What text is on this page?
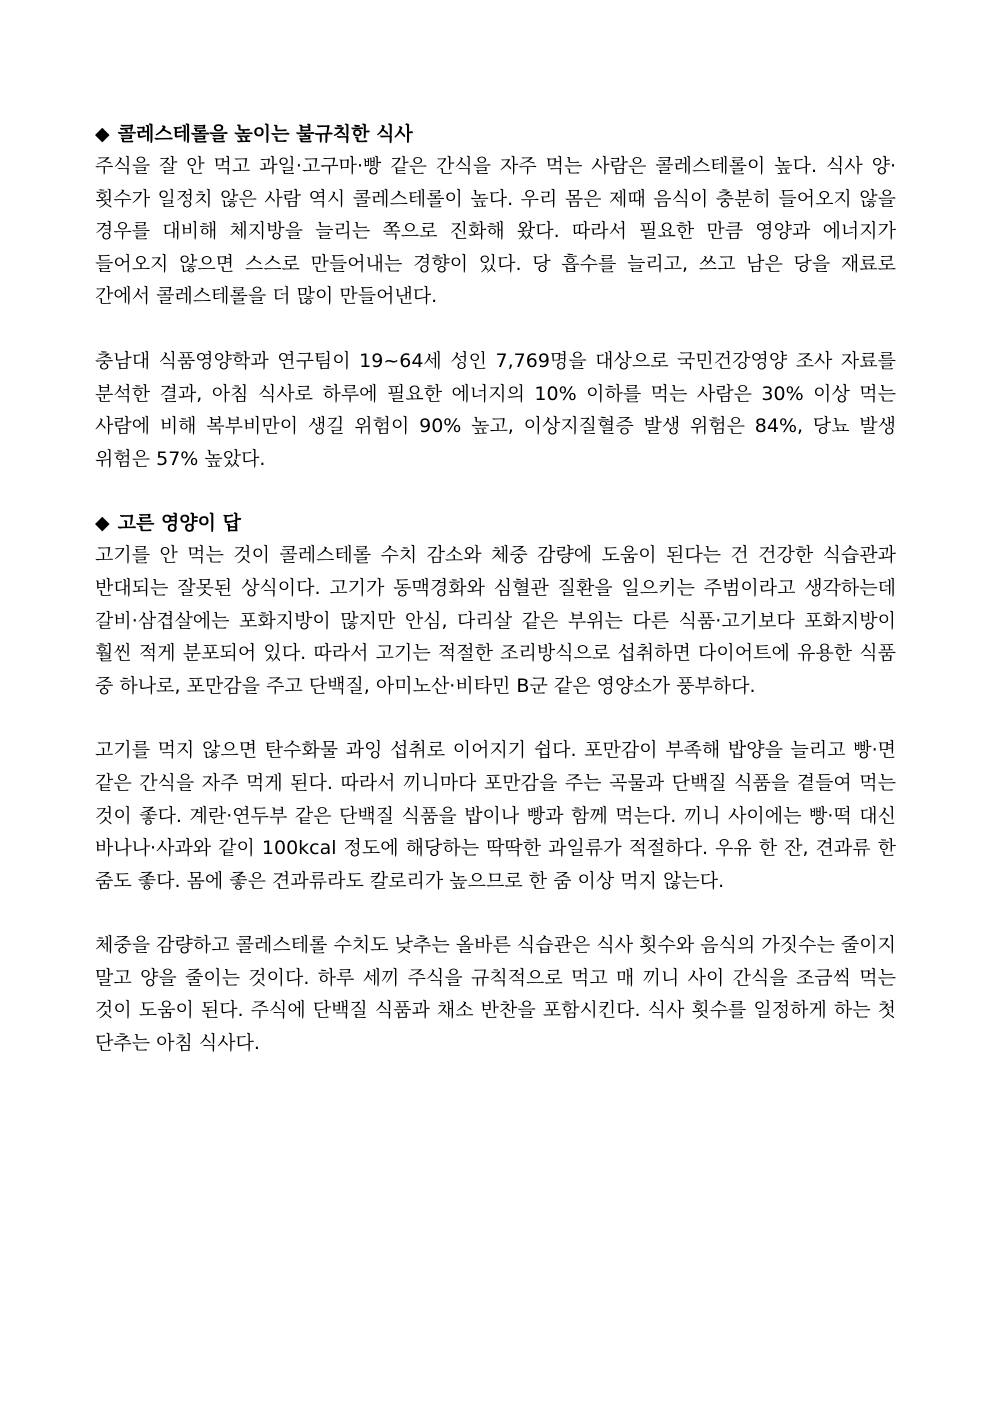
◆ 콜레스테롤을 높이는 불규칙한 식사

주식을 잘 안 먹고 과일·고구마·빵 같은 간식을 자주 먹는 사람은 콜레스테롤이 높다. 식사 양·횟수가 일정치 않은 사람 역시 콜레스테롤이 높다. 우리 몸은 제때 음식이 충분히 들어오지 않을 경우를 대비해 체지방을 늘리는 쪽으로 진화해 왔다. 따라서 필요한 만큼 영양과 에너지가 들어오지 않으면 스스로 만들어내는 경향이 있다. 당 흡수를 늘리고, 쓰고 남은 당을 재료로 간에서 콜레스테롤을 더 많이 만들어낸다.

충남대 식품영양학과 연구팀이 19~64세 성인 7,769명을 대상으로 국민건강영양 조사 자료를 분석한 결과, 아침 식사로 하루에 필요한 에너지의 10% 이하를 먹는 사람은 30% 이상 먹는 사람에 비해 복부비만이 생길 위험이 90% 높고, 이상지질혈증 발생 위험은 84%, 당뇨 발생 위험은 57% 높았다.

◆ 고른 영양이 답

고기를 안 먹는 것이 콜레스테롤 수치 감소와 체중 감량에 도움이 된다는 건 건강한 식습관과 반대되는 잘못된 상식이다. 고기가 동맥경화와 심혈관 질환을 일으키는 주범이라고 생각하는데 갈비·삼겹살에는 포화지방이 많지만 안심, 다리살 같은 부위는 다른 식품·고기보다 포화지방이 훨씬 적게 분포되어 있다. 따라서 고기는 적절한 조리방식으로 섭취하면 다이어트에 유용한 식품 중 하나로, 포만감을 주고 단백질, 아미노산·비타민 B군 같은 영양소가 풍부하다.

고기를 먹지 않으면 탄수화물 과잉 섭취로 이어지기 쉽다. 포만감이 부족해 밥양을 늘리고 빵·면 같은 간식을 자주 먹게 된다. 따라서 끼니마다 포만감을 주는 곡물과 단백질 식품을 곁들여 먹는 것이 좋다. 계란·연두부 같은 단백질 식품을 밥이나 빵과 함께 먹는다. 끼니 사이에는 빵·떡 대신 바나나·사과와 같이 100kcal 정도에 해당하는 딱딱한 과일류가 적절하다. 우유 한 잔, 견과류 한 줌도 좋다. 몸에 좋은 견과류라도 칼로리가 높으므로 한 줌 이상 먹지 않는다.

체중을 감량하고 콜레스테롤 수치도 낮추는 올바른 식습관은 식사 횟수와 음식의 가짓수는 줄이지 말고 양을 줄이는 것이다. 하루 세끼 주식을 규칙적으로 먹고 매 끼니 사이 간식을 조금씩 먹는 것이 도움이 된다. 주식에 단백질 식품과 채소 반찬을 포함시킨다. 식사 횟수를 일정하게 하는 첫 단추는 아침 식사다.
